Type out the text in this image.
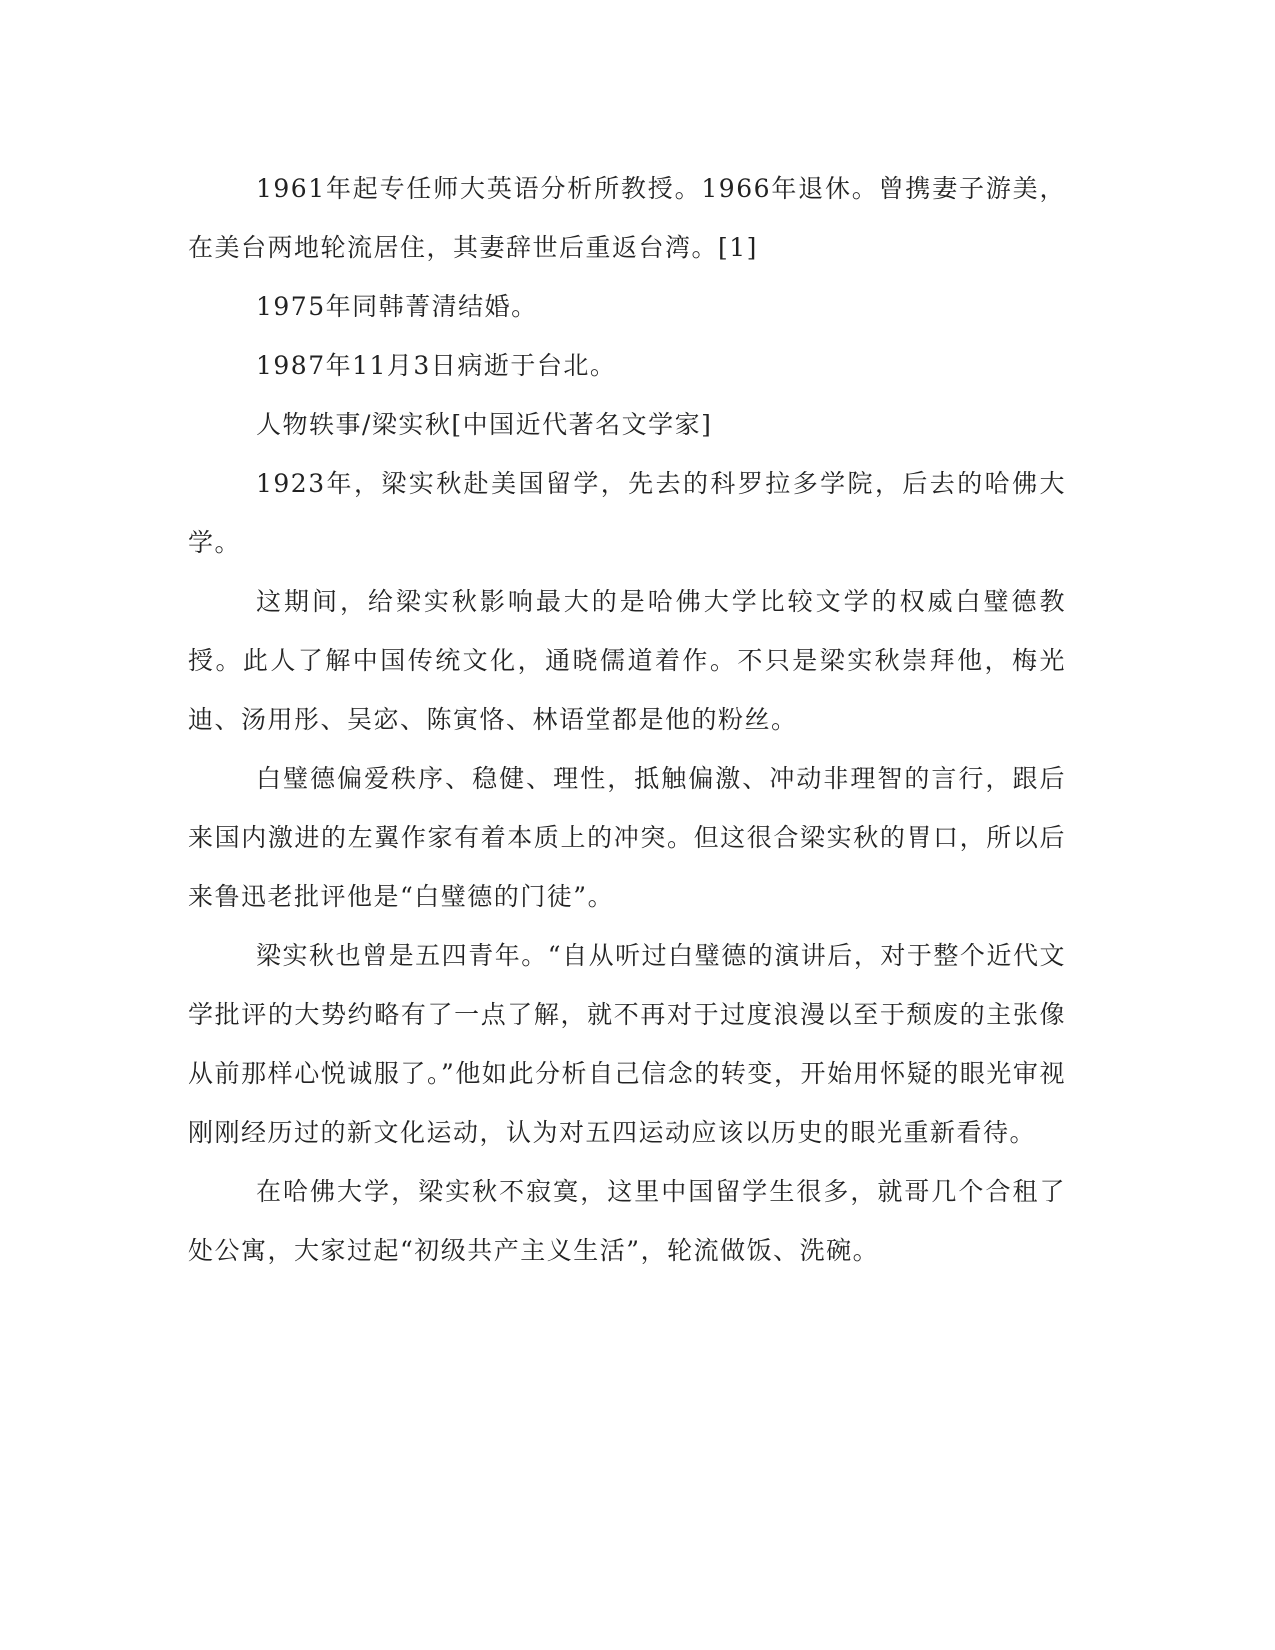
1961年起专任师大英语分析所教授。1966年退休。曾携妻子游美，在美台两地轮流居住，其妻辞世后重返台湾。[1]

1975年同韩菁清结婚。

1987年11月3日病逝于台北。

人物轶事/梁实秋[中国近代著名文学家]

1923年，梁实秋赴美国留学，先去的科罗拉多学院，后去的哈佛大学。

这期间，给梁实秋影响最大的是哈佛大学比较文学的权威白璧德教授。此人了解中国传统文化，通晓儒道着作。不只是梁实秋崇拜他，梅光迪、汤用彤、吴宓、陈寅恪、林语堂都是他的粉丝。

白璧德偏爱秩序、稳健、理性，抵触偏激、冲动非理智的言行，跟后来国内激进的左翼作家有着本质上的冲突。但这很合梁实秋的胃口，所以后来鲁迅老批评他是“白璧德的门徒”。

梁实秋也曾是五四青年。“自从听过白璧德的演讲后，对于整个近代文学批评的大势约略有了一点了解，就不再对于过度浪漫以至于颓废的主张像从前那样心悦诚服了。”他如此分析自己信念的转变，开始用怀疑的眼光审视刚刚经历过的新文化运动，认为对五四运动应该以历史的眼光重新看待。

在哈佛大学，梁实秋不寂寞，这里中国留学生很多，就哥几个合租了处公寓，大家过起“初级共产主义生活”，轮流做饭、洗碗。
